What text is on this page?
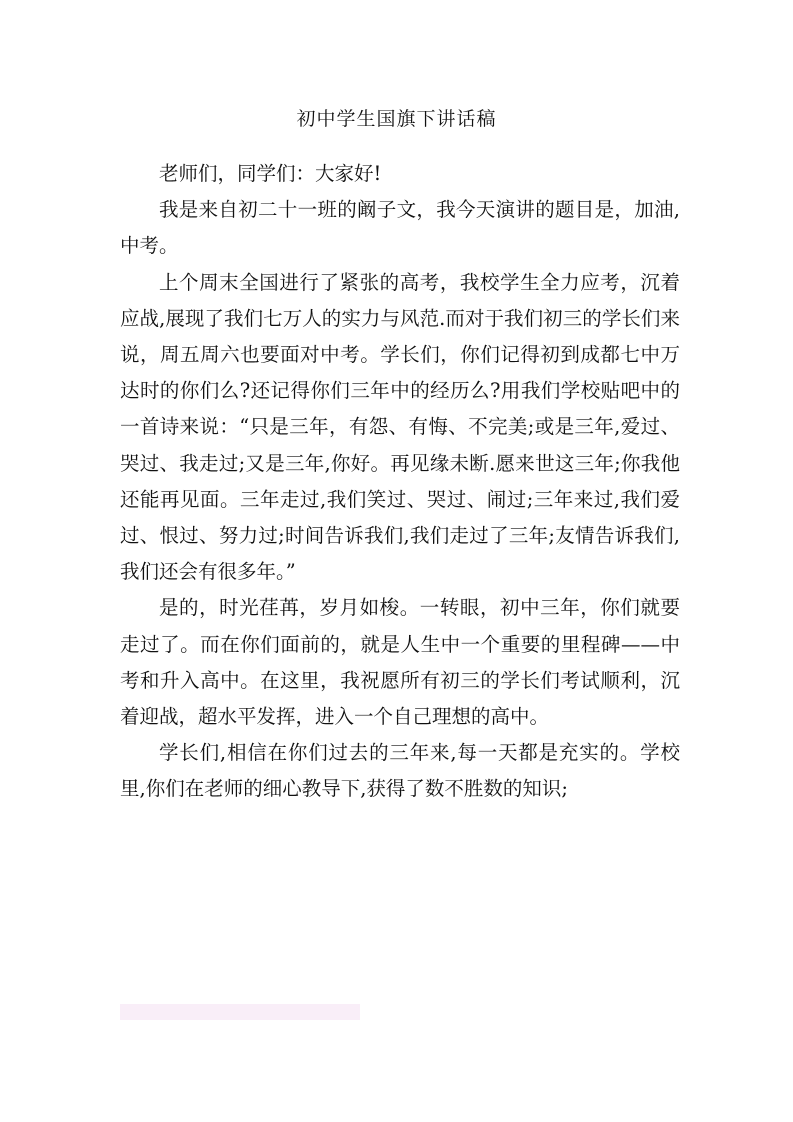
初中学生国旗下讲话稿

老师们，同学们：大家好!

我是来自初二十一班的阚子文，我今天演讲的题目是，加油,中考。

上个周末全国进行了紧张的高考，我校学生全力应考，沉着应战,展现了我们七万人的实力与风范.而对于我们初三的学长们来说，周五周六也要面对中考。学长们，你们记得初到成都七中万达时的你们么?还记得你们三年中的经历么?用我们学校贴吧中的一首诗来说：“只是三年，有怨、有悔、不完美;或是三年,爱过、哭过、我走过;又是三年,你好。再见缘未断.愿来世这三年;你我他还能再见面。三年走过,我们笑过、哭过、闹过;三年来过,我们爱过、恨过、努力过;时间告诉我们,我们走过了三年;友情告诉我们,我们还会有很多年。”

是的，时光荏苒，岁月如梭。一转眼，初中三年，你们就要走过了。而在你们面前的，就是人生中一个重要的里程碑——中考和升入高中。在这里，我祝愿所有初三的学长们考试顺利，沉着迎战，超水平发挥，进入一个自己理想的高中。

学长们,相信在你们过去的三年来,每一天都是充实的。学校里,你们在老师的细心教导下,获得了数不胜数的知识;
